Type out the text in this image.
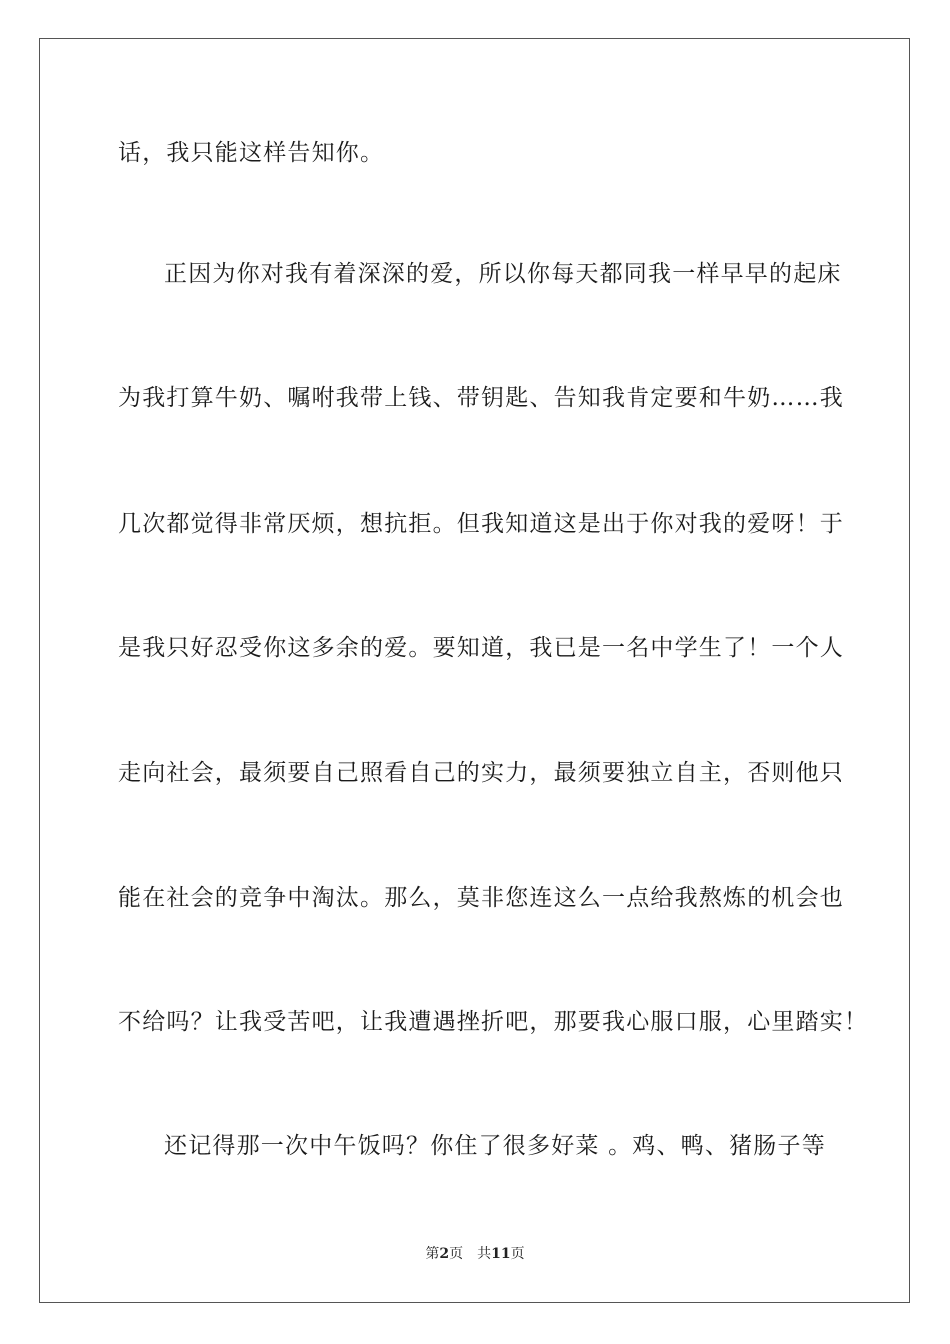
话，我只能这样告知你。
正因为你对我有着深深的爱，所以你每天都同我一样早早的起床
为我打算牛奶、嘱咐我带上钱、带钥匙、告知我肯定要和牛奶……我
几次都觉得非常厌烦，想抗拒。但我知道这是出于你对我的爱呀！于
是我只好忍受你这多余的爱。要知道，我已是一名中学生了！一个人
走向社会，最须要自己照看自己的实力，最须要独立自主，否则他只
能在社会的竞争中淘汰。那么，莫非您连这么一点给我熬炼的机会也
不给吗？让我受苦吧，让我遭遇挫折吧，那要我心服口服，心里踏实！
还记得那一次中午饭吗？你住了很多好菜 。鸡、鸭、猪肠子等
第2页 共11页
